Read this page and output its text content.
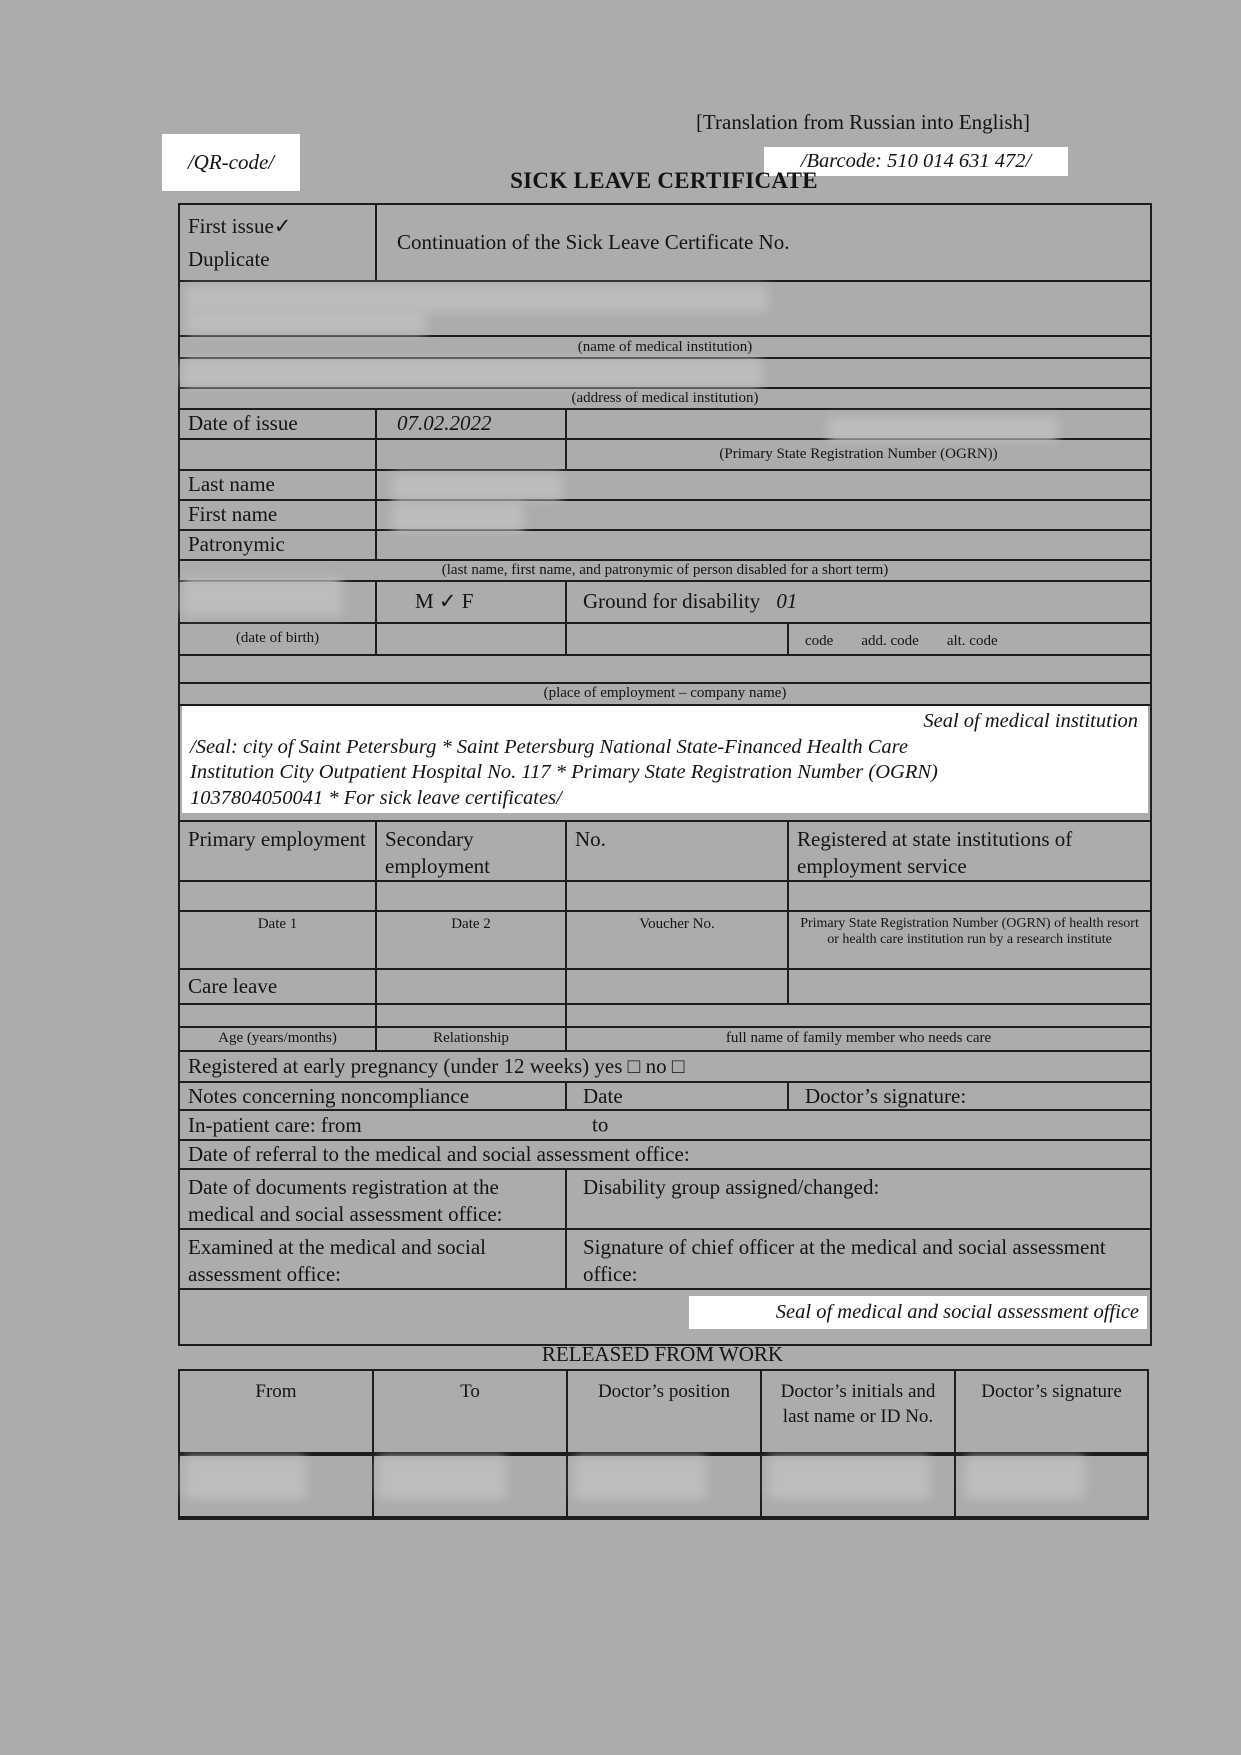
[Translation from Russian into English]
/QR-code/	/Barcode: 510 014 631 472/
SICK LEAVE CERTIFICATE
First issue✓
Duplicate	Continuation of the Sick Leave Certificate No.		

(name of medical institution)			

(address of medical institution)			
Date of issue	07.02.2022		
		(Primary State Registration Number (OGRN))	
Last name			
First name			
Patronymic			
(last name, first name, and patronymic of person disabled for a short term)			
	M ✓ F	Ground for disability 01	
(date of birth)			code add. code alt. code

(place of employment – company name)			

Seal of medical institution
/Seal: city of Saint Petersburg * Saint Petersburg National State-Financed Health Care
Institution City Outpatient Hospital No. 117 * Primary State Registration Number (OGRN)
1037804050041 * For sick leave certificates/			

Primary employment	Secondary employment	No.	Registered at state institutions of employment service

Date 1	Date 2	Voucher No.	Primary State Registration Number (OGRN) of health resort or health care institution run by a research institute
Care leave			

Age (years/months)	Relationship	full name of family member who needs care	
Registered at early pregnancy (under 12 weeks) yes □ no □			
Notes concerning noncompliance		Date	Doctor’s signature:
In-patient care: from to			

Date of referral to the medical and social assessment office:			
Date of documents registration at the medical and social assessment office:		Disability group assigned/changed:	
Examined at the medical and social assessment office:		Signature of chief officer at the medical and social assessment office:	

Seal of medical and social assessment office			
RELEASED FROM WORK
From	To	Doctor’s position	Doctor’s initials and last name or ID No.	Doctor’s signature
